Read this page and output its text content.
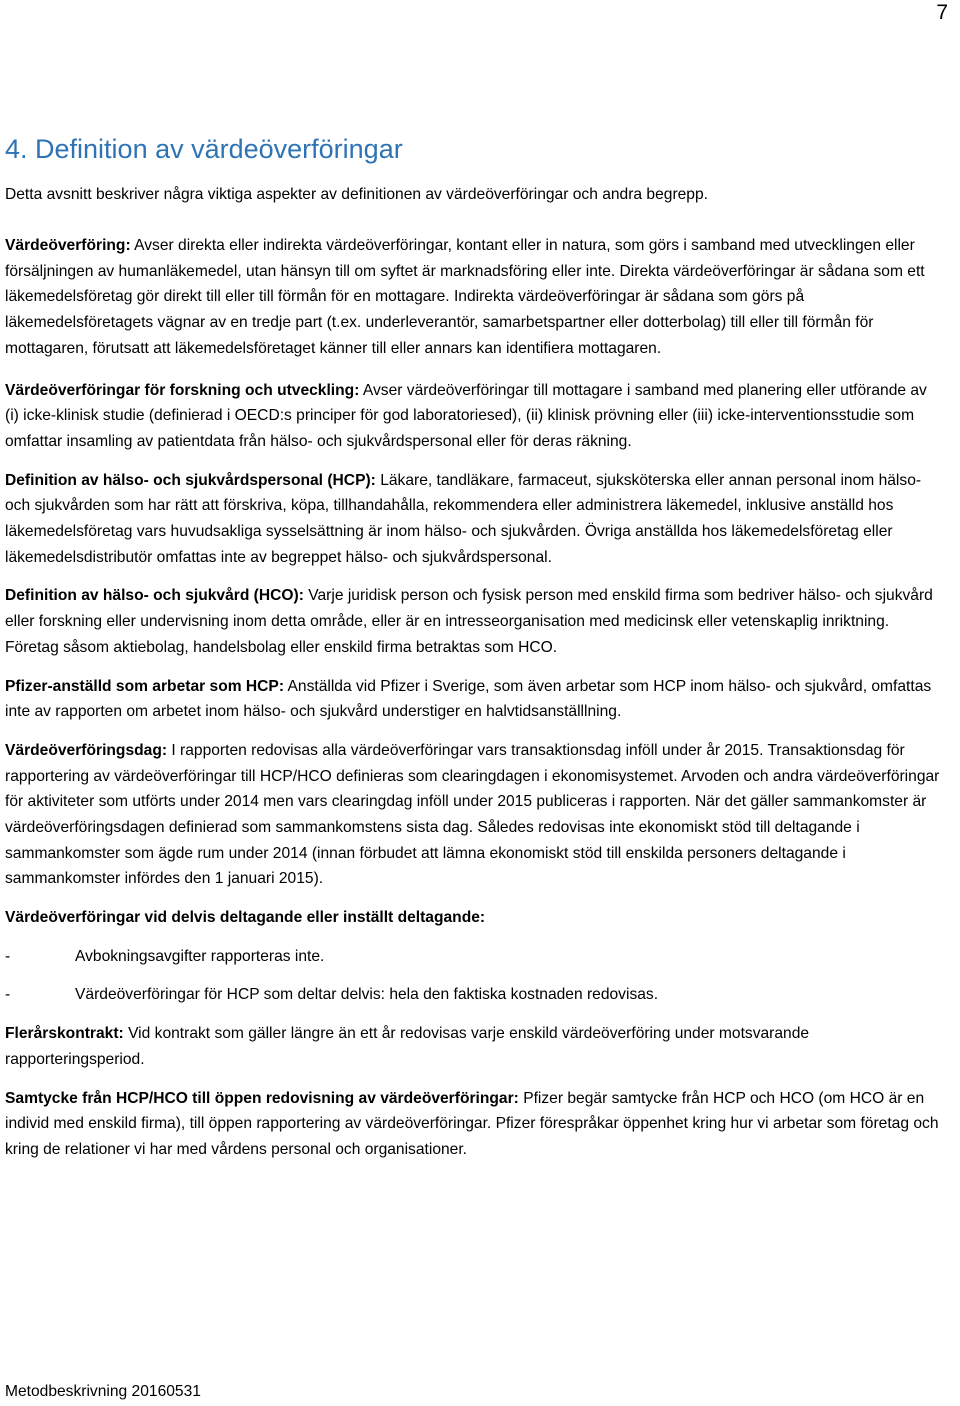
7
4. Definition av värdeöverföringar

Detta avsnitt beskriver några viktiga aspekter av definitionen av värdeöverföringar och andra begrepp.

Värdeöverföring: Avser direkta eller indirekta värdeöverföringar, kontant eller in natura, som görs i samband med utvecklingen eller försäljningen av humanläkemedel, utan hänsyn till om syftet är marknadsföring eller inte. Direkta värdeöverföringar är sådana som ett läkemedelsföretag gör direkt till eller till förmån för en mottagare. Indirekta värdeöverföringar är sådana som görs på läkemedelsföretagets vägnar av en tredje part (t.ex. underleverantör, samarbetspartner eller dotterbolag) till eller till förmån för mottagaren, förutsatt att läkemedelsföretaget känner till eller annars kan identifiera mottagaren.

Värdeöverföringar för forskning och utveckling: Avser värdeöverföringar till mottagare i samband med planering eller utförande av (i) icke-klinisk studie (definierad i OECD:s principer för god laboratoriesed), (ii) klinisk prövning eller (iii) icke-interventionsstudie som omfattar insamling av patientdata från hälso- och sjukvårdspersonal eller för deras räkning.

Definition av hälso- och sjukvårdspersonal (HCP): Läkare, tandläkare, farmaceut, sjuksköterska eller annan personal inom hälso- och sjukvården som har rätt att förskriva, köpa, tillhandahålla, rekommendera eller administrera läkemedel, inklusive anställd hos läkemedelsföretag vars huvudsakliga sysselsättning är inom hälso- och sjukvården. Övriga anställda hos läkemedelsföretag eller läkemedelsdistributör omfattas inte av begreppet hälso- och sjukvårdspersonal.

Definition av hälso- och sjukvård (HCO): Varje juridisk person och fysisk person med enskild firma som bedriver hälso- och sjukvård eller forskning eller undervisning inom detta område, eller är en intresseorganisation med medicinsk eller vetenskaplig inriktning. Företag såsom aktiebolag, handelsbolag eller enskild firma betraktas som HCO.

Pfizer-anställd som arbetar som HCP: Anställda vid Pfizer i Sverige, som även arbetar som HCP inom hälso- och sjukvård, omfattas inte av rapporten om arbetet inom hälso- och sjukvård understiger en halvtidsanställlning.

Värdeöverföringsdag: I rapporten redovisas alla värdeöverföringar vars transaktionsdag inföll under år 2015. Transaktionsdag för rapportering av värdeöverföringar till HCP/HCO definieras som clearingdagen i ekonomisystemet. Arvoden och andra värdeöverföringar för aktiviteter som utförts under 2014 men vars clearingdag inföll under 2015 publiceras i rapporten. När det gäller sammankomster är värdeöverföringsdagen definierad som sammankomstens sista dag. Således redovisas inte ekonomiskt stöd till deltagande i sammankomster som ägde rum under 2014 (innan förbudet att lämna ekonomiskt stöd till enskilda personers deltagande i sammankomster infördes den 1 januari 2015).

Värdeöverföringar vid delvis deltagande eller inställt deltagande:

-	Avbokningsavgifter rapporteras inte.
-	Värdeöverföringar för HCP som deltar delvis: hela den faktiska kostnaden redovisas.

Flerårskontrakt: Vid kontrakt som gäller längre än ett år redovisas varje enskild värdeöverföring under motsvarande rapporteringsperiod.

Samtycke från HCP/HCO till öppen redovisning av värdeöverföringar: Pfizer begär samtycke från HCP och HCO (om HCO är en individ med enskild firma), till öppen rapportering av värdeöverföringar. Pfizer förespråkar öppenhet kring hur vi arbetar som företag och kring de relationer vi har med vårdens personal och organisationer.

Metodbeskrivning 20160531
